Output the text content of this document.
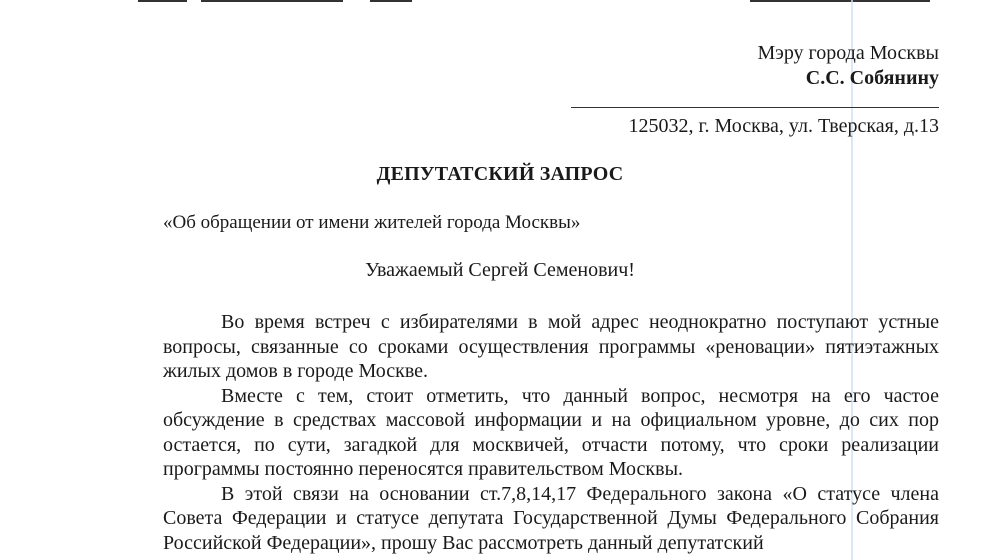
Мэру города Москвы
С.С. Собянину
125032, г. Москва, ул. Тверская, д.13
ДЕПУТАТСКИЙ ЗАПРОС
«Об обращении от имени жителей города Москвы»
Уважаемый Сергей Семенович!

Во время встреч с избирателями в мой адрес неоднократно поступают устные вопросы, связанные со сроками осуществления программы «реновации» пятиэтажных жилых домов в городе Москве.

Вместе с тем, стоит отметить, что данный вопрос, несмотря на его частое обсуждение в средствах массовой информации и на официальном уровне, до сих пор остается, по сути, загадкой для москвичей, отчасти потому, что сроки реализации программы постоянно переносятся правительством Москвы.

В этой связи на основании ст.7,8,14,17 Федерального закона «О статусе члена Совета Федерации и статусе депутата Государственной Думы Федерального Собрания Российской Федерации», прошу Вас рассмотреть данный депутатский
